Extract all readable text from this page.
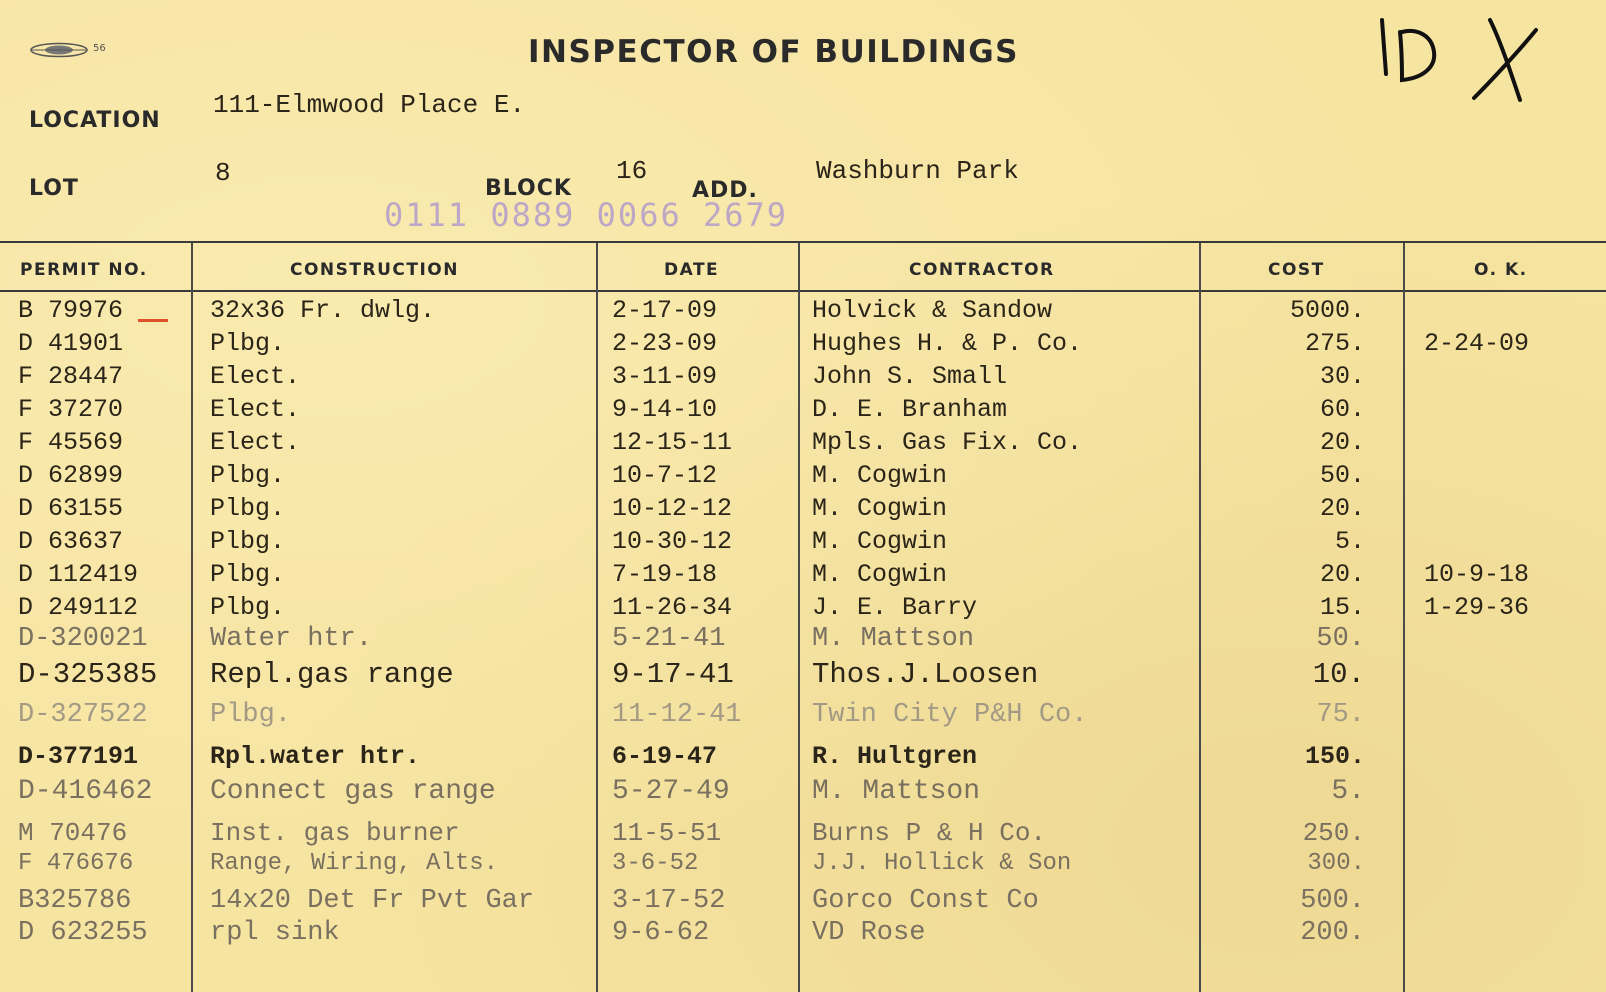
56	INSPECTOR OF BUILDINGS
LOCATION
111-Elmwood Place E.
LOT
8
BLOCK
16
ADD.
Washburn Park
0111 0889 0066 2679
PERMIT NO.	CONSTRUCTION	DATE	CONTRACTOR	COST	O. K.
B 79976	32x36 Fr. dwlg.	2-17-09	Holvick & Sandow	5000.
D 41901	Plbg.	2-23-09	Hughes H. & P. Co.	275. 2-24-09
F 28447	Elect.	3-11-09	John S. Small	30.
F 37270	Elect.	9-14-10	D. E. Branham	60.
F 45569	Elect.	12-15-11	Mpls. Gas Fix. Co.	20.
D 62899	Plbg.	10-7-12	M. Cogwin	50.
D 63155	Plbg.	10-12-12	M. Cogwin	20.
D 63637	Plbg.	10-30-12	M. Cogwin	5.
D 112419	Plbg.	7-19-18	M. Cogwin	20. 10-9-18
D 249112	Plbg.	11-26-34	J. E. Barry	15. 1-29-36
D-320021 Water htr.	5-21-41	M. Mattson	50.
D-325385 Repl.gas range	9-17-41	Thos.J.Loosen	10.
D-327522 Plbg.	11-12-41	Twin City P&H Co.	75.
D-377191	Rpl.water htr.	6-19-47	R. Hultgren	150.
D-416462 Connect gas range	5-27-49	M. Mattson	5.
M 70476	Inst. gas burner	11-5-51	Burns P & H Co.	250.
F 476676	Range, Wiring, Alts.	3-6-52	J.J. Hollick & Son	300.
B325786	14x20 Det Fr Pvt Gar	3-17-52	Gorco Const Co	500.
D 623255 rpl sink	9-6-62	VD Rose	200.
